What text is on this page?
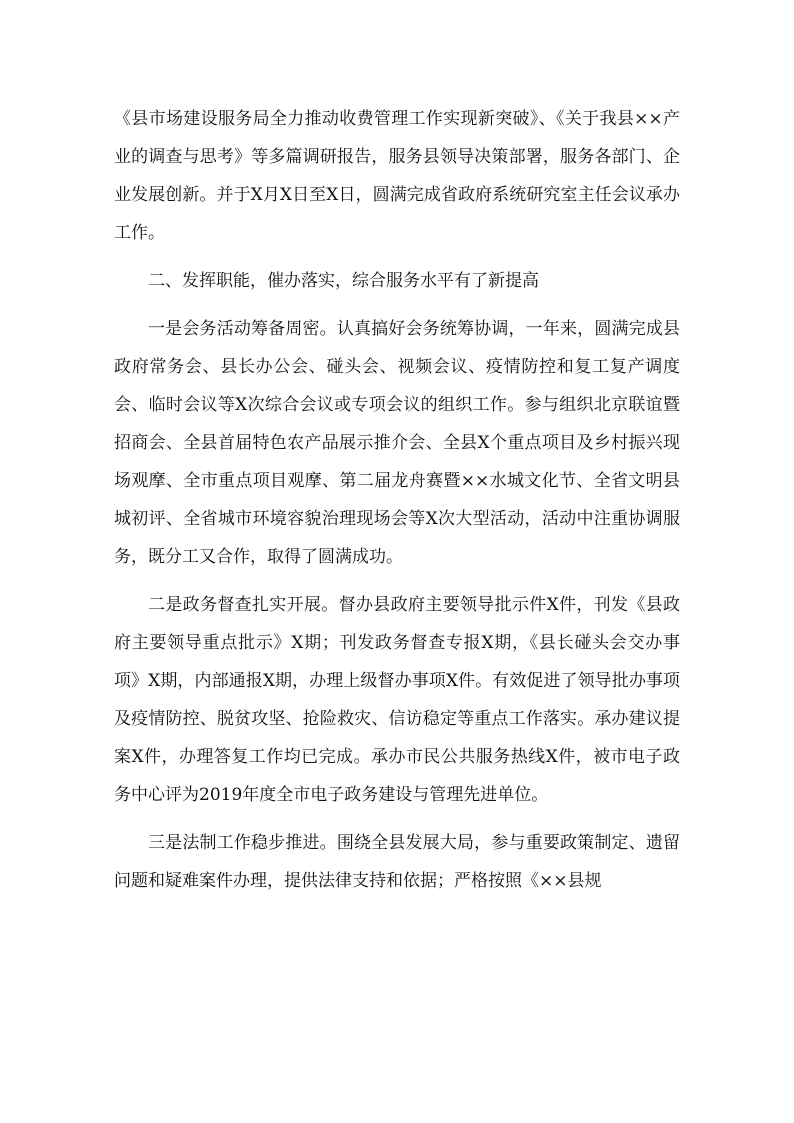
《县市场建设服务局全力推动收费管理工作实现新突破》、《关于我县××产业的调查与思考》等多篇调研报告，服务县领导决策部署，服务各部门、企业发展创新。并于X月X日至X日，圆满完成省政府系统研究室主任会议承办工作。

二、发挥职能，催办落实，综合服务水平有了新提高

一是会务活动筹备周密。认真搞好会务统筹协调，一年来，圆满完成县政府常务会、县长办公会、碰头会、视频会议、疫情防控和复工复产调度会、临时会议等X次综合会议或专项会议的组织工作。参与组织北京联谊暨招商会、全县首届特色农产品展示推介会、全县X个重点项目及乡村振兴现场观摩、全市重点项目观摩、第二届龙舟赛暨××水城文化节、全省文明县城初评、全省城市环境容貌治理现场会等X次大型活动，活动中注重协调服务，既分工又合作，取得了圆满成功。

二是政务督查扎实开展。督办县政府主要领导批示件X件，刊发《县政府主要领导重点批示》X期；刊发政务督查专报X期，《县长碰头会交办事项》X期，内部通报X期，办理上级督办事项X件。有效促进了领导批办事项及疫情防控、脱贫攻坚、抢险救灾、信访稳定等重点工作落实。承办建议提案X件，办理答复工作均已完成。承办市民公共服务热线X件，被市电子政务中心评为2019年度全市电子政务建设与管理先进单位。

三是法制工作稳步推进。围绕全县发展大局，参与重要政策制定、遗留问题和疑难案件办理，提供法律支持和依据；严格按照《××县规
